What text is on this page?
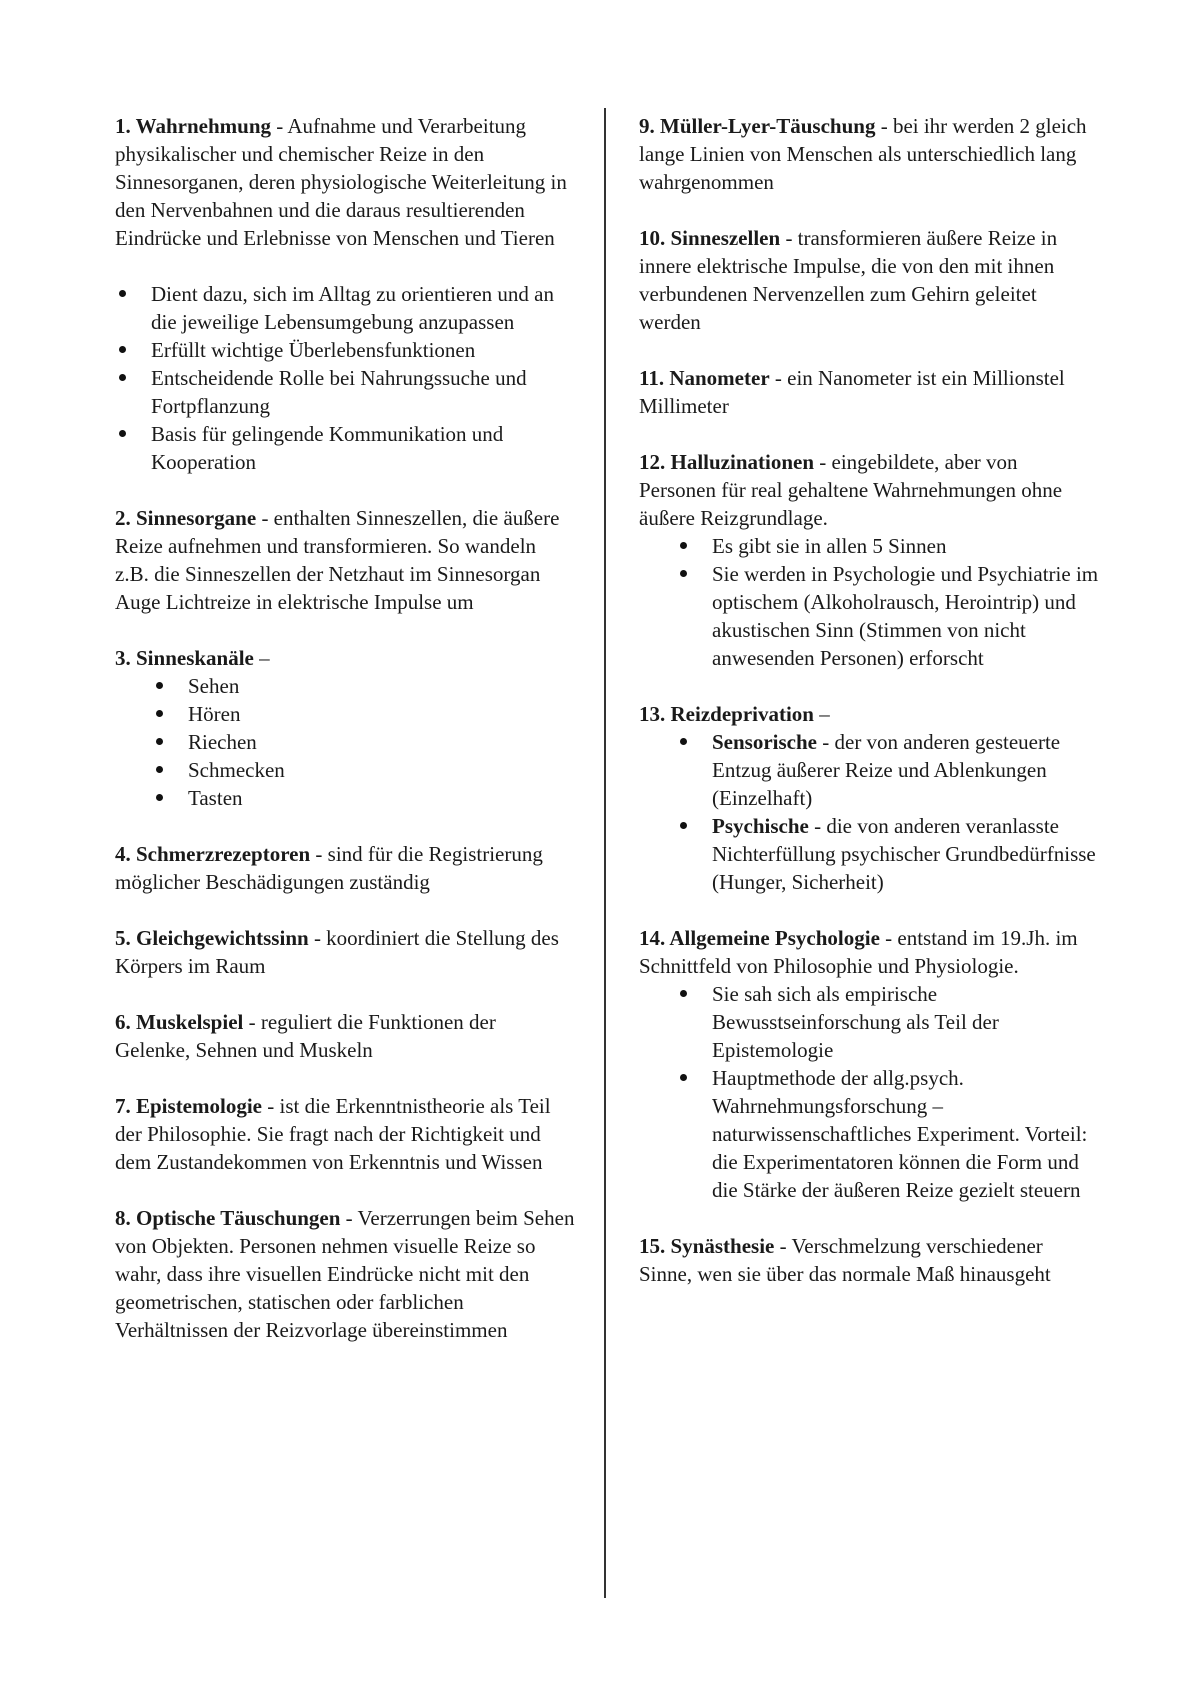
1. Wahrnehmung - Aufnahme und Verarbeitung physikalischer und chemischer Reize in den Sinnesorganen, deren physiologische Weiterleitung in den Nervenbahnen und die daraus resultierenden Eindrücke und Erlebnisse von Menschen und Tieren

Dient dazu, sich im Alltag zu orientieren und an die jeweilige Lebensumgebung anzupassen
Erfüllt wichtige Überlebensfunktionen
Entscheidende Rolle bei Nahrungssuche und Fortpflanzung
Basis für gelingende Kommunikation und Kooperation

2. Sinnesorgane - enthalten Sinneszellen, die äußere Reize aufnehmen und transformieren. So wandeln z.B. die Sinneszellen der Netzhaut im Sinnesorgan Auge Lichtreize in elektrische Impulse um

3. Sinneskanäle –

Sehen
Hören
Riechen
Schmecken
Tasten

4. Schmerzrezeptoren - sind für die Registrierung möglicher Beschädigungen zuständig

5. Gleichgewichtssinn - koordiniert die Stellung des Körpers im Raum

6. Muskelspiel - reguliert die Funktionen der Gelenke, Sehnen und Muskeln

7. Epistemologie - ist die Erkenntnistheorie als Teil der Philosophie. Sie fragt nach der Richtigkeit und dem Zustandekommen von Erkenntnis und Wissen

8. Optische Täuschungen - Verzerrungen beim Sehen von Objekten. Personen nehmen visuelle Reize so wahr, dass ihre visuellen Eindrücke nicht mit den geometrischen, statischen oder farblichen Verhältnissen der Reizvorlage übereinstimmen

9. Müller-Lyer-Täuschung - bei ihr werden 2 gleich lange Linien von Menschen als unterschiedlich lang wahrgenommen

10. Sinneszellen - transformieren äußere Reize in innere elektrische Impulse, die von den mit ihnen verbundenen Nervenzellen zum Gehirn geleitet werden

11. Nanometer - ein Nanometer ist ein Millionstel Millimeter

12. Halluzinationen - eingebildete, aber von Personen für real gehaltene Wahrnehmungen ohne äußere Reizgrundlage.

Es gibt sie in allen 5 Sinnen
Sie werden in Psychologie und Psychiatrie im optischem (Alkoholrausch, Herointrip) und akustischen Sinn (Stimmen von nicht anwesenden Personen) erforscht

13. Reizdeprivation –

Sensorische - der von anderen gesteuerte Entzug äußerer Reize und Ablenkungen (Einzelhaft)
Psychische - die von anderen veranlasste Nichterfüllung psychischer Grundbedürfnisse (Hunger, Sicherheit)

14. Allgemeine Psychologie - entstand im 19.Jh. im Schnittfeld von Philosophie und Physiologie.

Sie sah sich als empirische Bewusstseinforschung als Teil der Epistemologie
Hauptmethode der allg.psych. Wahrnehmungsforschung – naturwissenschaftliches Experiment. Vorteil: die Experimentatoren können die Form und die Stärke der äußeren Reize gezielt steuern

15. Synästhesie - Verschmelzung verschiedener Sinne, wen sie über das normale Maß hinausgeht
